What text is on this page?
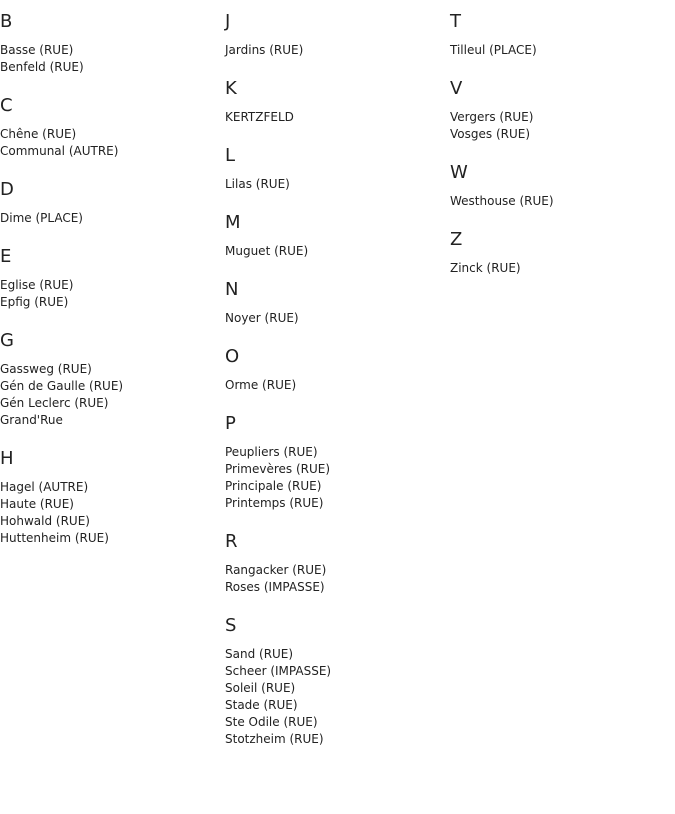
B
Basse (RUE)
Benfeld (RUE)
C
Chêne (RUE)
Communal (AUTRE)
D
Dime (PLACE)
E
Eglise (RUE)
Epfig (RUE)
G
Gassweg (RUE)
Gén de Gaulle (RUE)
Gén Leclerc (RUE)
Grand'Rue
H
Hagel (AUTRE)
Haute (RUE)
Hohwald (RUE)
Huttenheim (RUE)
J
Jardins (RUE)
K
KERTZFELD
L
Lilas (RUE)
M
Muguet (RUE)
N
Noyer (RUE)
O
Orme (RUE)
P
Peupliers (RUE)
Primevères (RUE)
Principale (RUE)
Printemps (RUE)
R
Rangacker (RUE)
Roses (IMPASSE)
S
Sand (RUE)
Scheer (IMPASSE)
Soleil (RUE)
Stade (RUE)
Ste Odile (RUE)
Stotzheim (RUE)
T
Tilleul (PLACE)
V
Vergers (RUE)
Vosges (RUE)
W
Westhouse (RUE)
Z
Zinck (RUE)
